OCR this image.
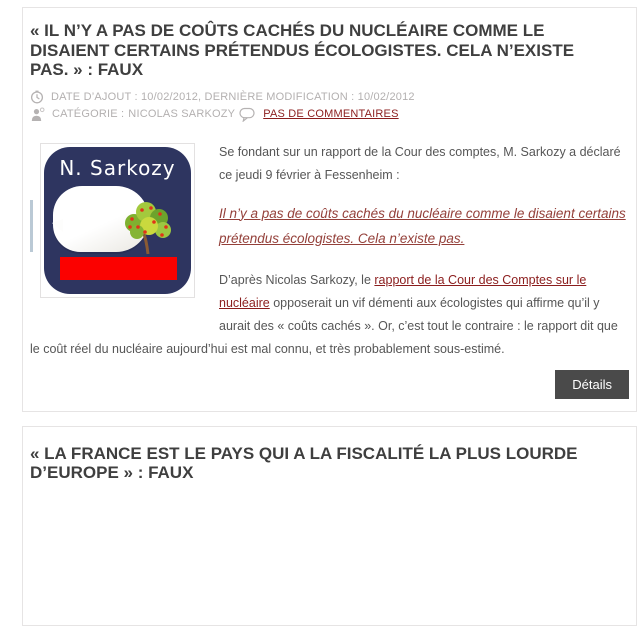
« IL N’Y A PAS DE COÛTS CACHÉS DU NUCLÉAIRE COMME LE DISAIENT CERTAINS PRÉTENDUS ÉCOLOGISTES. CELA N’EXISTE PAS. » : FAUX
DATE D’AJOUT : 10/02/2012, DERNIÈRE MODIFICATION : 10/02/2012
CATÉGORIE : NICOLAS SARKOZY	PAS DE COMMENTAIRES
N. Sarkozy

Se fondant sur un rapport de la Cour des comptes, M. Sarkozy a déclaré ce jeudi 9 février à Fessenheim :

Il n’y a pas de coûts cachés du nucléaire comme le disaient certains prétendus écologistes. Cela n’existe pas.

D’après Nicolas Sarkozy, le rapport de la Cour des Comptes sur le nucléaire opposerait un vif démenti aux écologistes qui affirme qu’il y aurait des « coûts cachés ». Or, c’est tout le contraire : le rapport dit que le coût réel du nucléaire aujourd’hui est mal connu, et très probablement sous-estimé.

Détails
« LA FRANCE EST LE PAYS QUI A LA FISCALITÉ LA PLUS LOURDE D’EUROPE » : FAUX
